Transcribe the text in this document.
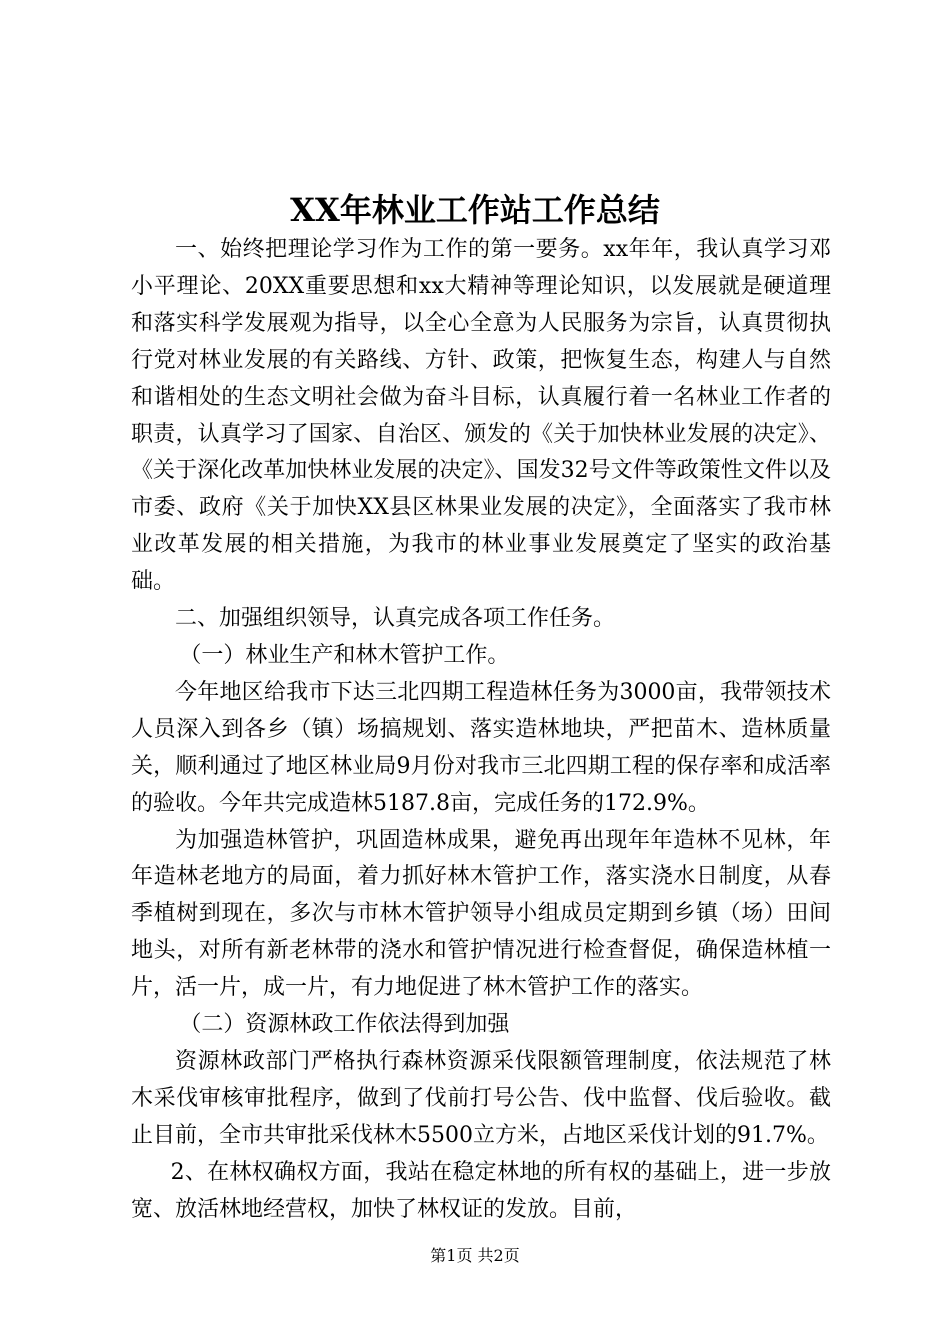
XX年林业工作站工作总结

一、始终把理论学习作为工作的第一要务。xx年年，我认真学习邓小平理论、20XX重要思想和xx大精神等理论知识，以发展就是硬道理和落实科学发展观为指导，以全心全意为人民服务为宗旨，认真贯彻执行党对林业发展的有关路线、方针、政策，把恢复生态，构建人与自然和谐相处的生态文明社会做为奋斗目标，认真履行着一名林业工作者的职责，认真学习了国家、自治区、颁发的《关于加快林业发展的决定》、《关于深化改革加快林业发展的决定》、国发32号文件等政策性文件以及市委、政府《关于加快XX县区林果业发展的决定》，全面落实了我市林业改革发展的相关措施，为我市的林业事业发展奠定了坚实的政治基础。

二、加强组织领导，认真完成各项工作任务。

（一）林业生产和林木管护工作。

今年地区给我市下达三北四期工程造林任务为3000亩，我带领技术人员深入到各乡（镇）场搞规划、落实造林地块，严把苗木、造林质量关，顺利通过了地区林业局9月份对我市三北四期工程的保存率和成活率的验收。今年共完成造林5187.8亩，完成任务的172.9%。

为加强造林管护，巩固造林成果，避免再出现年年造林不见林，年年造林老地方的局面，着力抓好林木管护工作，落实浇水日制度，从春季植树到现在，多次与市林木管护领导小组成员定期到乡镇（场）田间地头，对所有新老林带的浇水和管护情况进行检查督促，确保造林植一片，活一片，成一片，有力地促进了林木管护工作的落实。

（二）资源林政工作依法得到加强

资源林政部门严格执行森林资源采伐限额管理制度，依法规范了林木采伐审核审批程序，做到了伐前打号公告、伐中监督、伐后验收。截止目前，全市共审批采伐林木5500立方米，占地区采伐计划的91.7%。

2、在林权确权方面，我站在稳定林地的所有权的基础上，进一步放宽、放活林地经营权，加快了林权证的发放。目前，

第1页 共2页
